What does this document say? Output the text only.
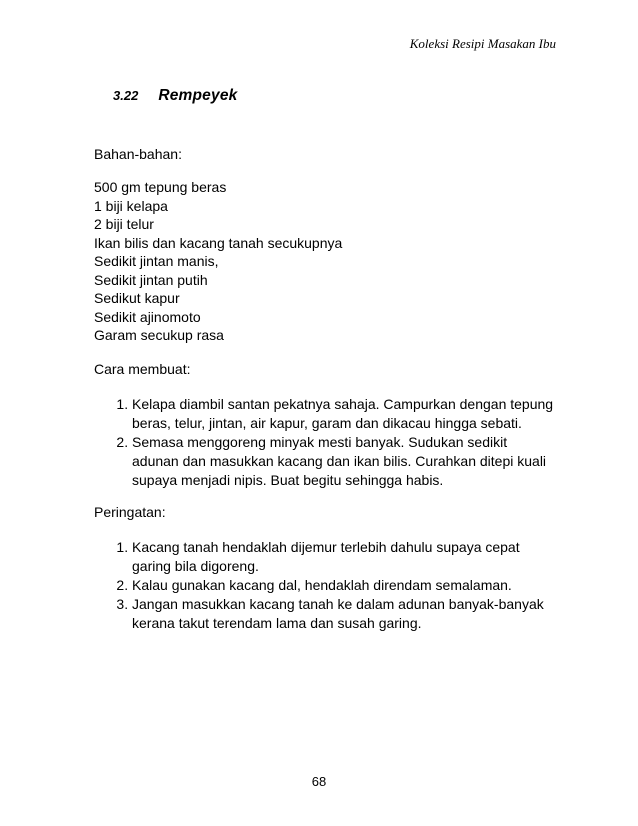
Koleksi Resipi Masakan Ibu
3.22 Rempeyek
Bahan-bahan:
500 gm tepung beras
1 biji kelapa
2 biji telur
Ikan bilis dan kacang tanah secukupnya
Sedikit jintan manis,
Sedikit jintan putih
Sedikut kapur
Sedikit ajinomoto
Garam secukup rasa
Cara membuat:
1. Kelapa diambil santan pekatnya sahaja. Campurkan dengan tepung beras, telur, jintan, air kapur, garam dan dikacau hingga sebati.
2. Semasa menggoreng minyak mesti banyak. Sudukan sedikit adunan dan masukkan kacang dan ikan bilis. Curahkan ditepi kuali supaya menjadi nipis. Buat begitu sehingga habis.
Peringatan:
1. Kacang tanah hendaklah dijemur terlebih dahulu supaya cepat garing bila digoreng.
2. Kalau gunakan kacang dal, hendaklah direndam semalaman.
3. Jangan masukkan kacang tanah ke dalam adunan banyak-banyak kerana takut terendam lama dan susah garing.
68
